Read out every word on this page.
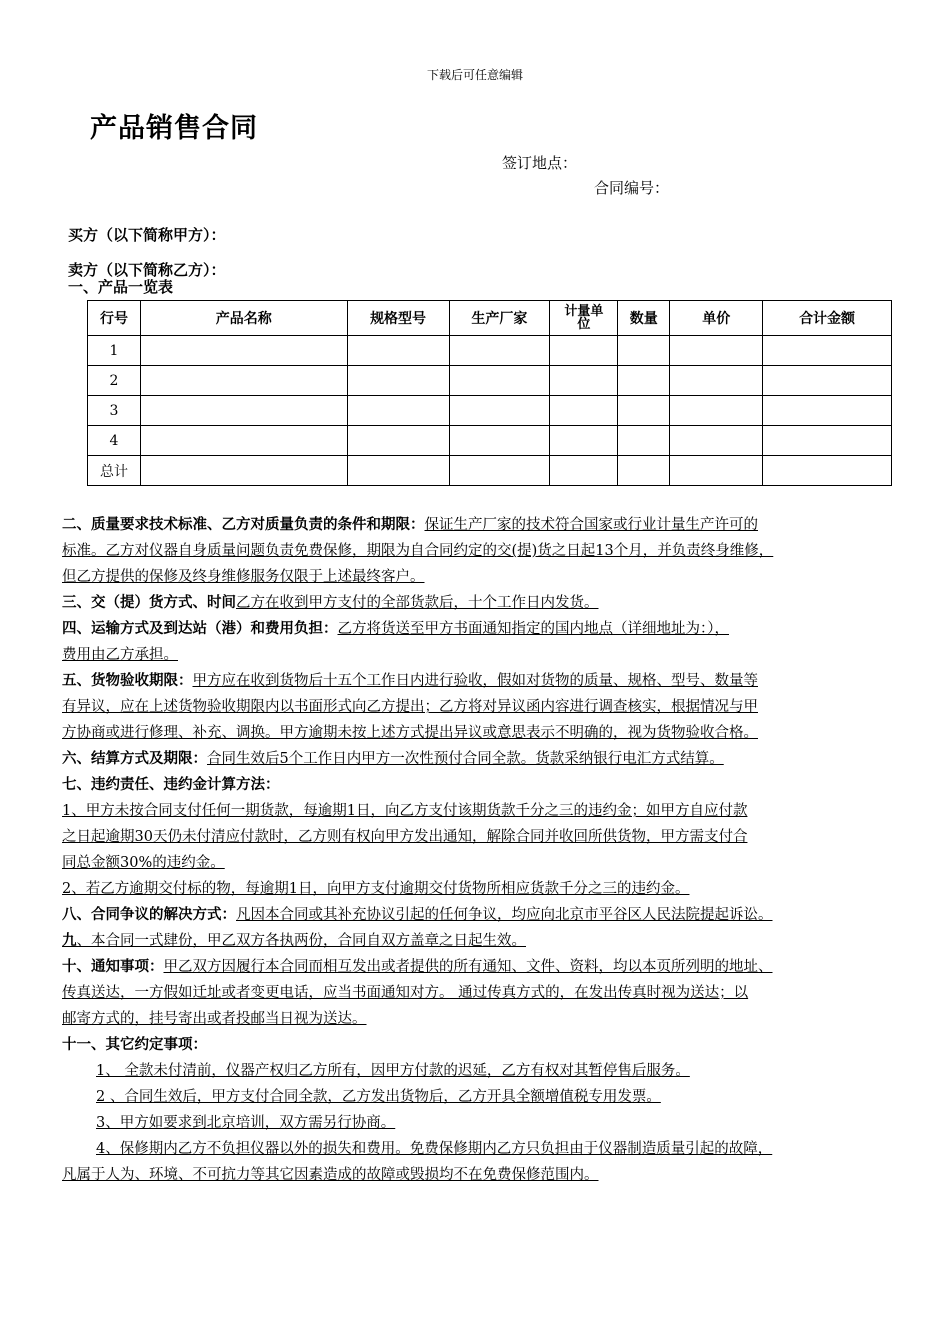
下载后可任意编辑
产品销售合同
签订地点：
合同编号：
买方（以下简称甲方）：
卖方（以下简称乙方）：
一、产品一览表
行号	产品名称	规格型号	生产厂家	计量单位	数量	单价	合计金额
1							
2							
3							
4							
总计							
二、质量要求技术标准、乙方对质量负责的条件和期限：保证生产厂家的技术符合国家或行业计量生产许可的
标准。乙方对仪器自身质量问题负责免费保修，期限为自合同约定的交(提)货之日起13个月，并负责终身维修，
但乙方提供的保修及终身维修服务仅限于上述最终客户。
三、交（提）货方式、时间乙方在收到甲方支付的全部货款后，十个工作日内发货。
四、运输方式及到达站（港）和费用负担：乙方将货送至甲方书面通知指定的国内地点（详细地址为：），
费用由乙方承担。
五、货物验收期限：甲方应在收到货物后十五个工作日内进行验收，假如对货物的质量、规格、型号、数量等
有异议，应在上述货物验收期限内以书面形式向乙方提出；乙方将对异议函内容进行调查核实，根据情况与甲
方协商或进行修理、补充、调换。甲方逾期未按上述方式提出异议或意思表示不明确的，视为货物验收合格。
六、结算方式及期限：合同生效后5个工作日内甲方一次性预付合同全款。货款采纳银行电汇方式结算。
七、违约责任、违约金计算方法：
1、甲方未按合同支付任何一期货款，每逾期1日，向乙方支付该期货款千分之三的违约金；如甲方自应付款
之日起逾期30天仍未付清应付款时，乙方则有权向甲方发出通知，解除合同并收回所供货物，甲方需支付合
同总金额30%的违约金。
2、若乙方逾期交付标的物，每逾期1日，向甲方支付逾期交付货物所相应货款千分之三的违约金。
八、合同争议的解决方式：凡因本合同或其补充协议引起的任何争议，均应向北京市平谷区人民法院提起诉讼。
九、本合同一式肆份，甲乙双方各执两份，合同自双方盖章之日起生效。
十、通知事项：甲乙双方因履行本合同而相互发出或者提供的所有通知、文件、资料，均以本页所列明的地址、
传真送达，一方假如迁址或者变更电话，应当书面通知对方。 通过传真方式的，在发出传真时视为送达；以
邮寄方式的，挂号寄出或者投邮当日视为送达。
十一、其它约定事项：
1、 全款未付清前，仪器产权归乙方所有，因甲方付款的迟延，乙方有权对其暂停售后服务。
2 、合同生效后，甲方支付合同全款，乙方发出货物后，乙方开具全额增值税专用发票。
3、甲方如要求到北京培训，双方需另行协商。
4、保修期内乙方不负担仪器以外的损失和费用。免费保修期内乙方只负担由于仪器制造质量引起的故障，
凡属于人为、环境、不可抗力等其它因素造成的故障或毁损均不在免费保修范围内。
